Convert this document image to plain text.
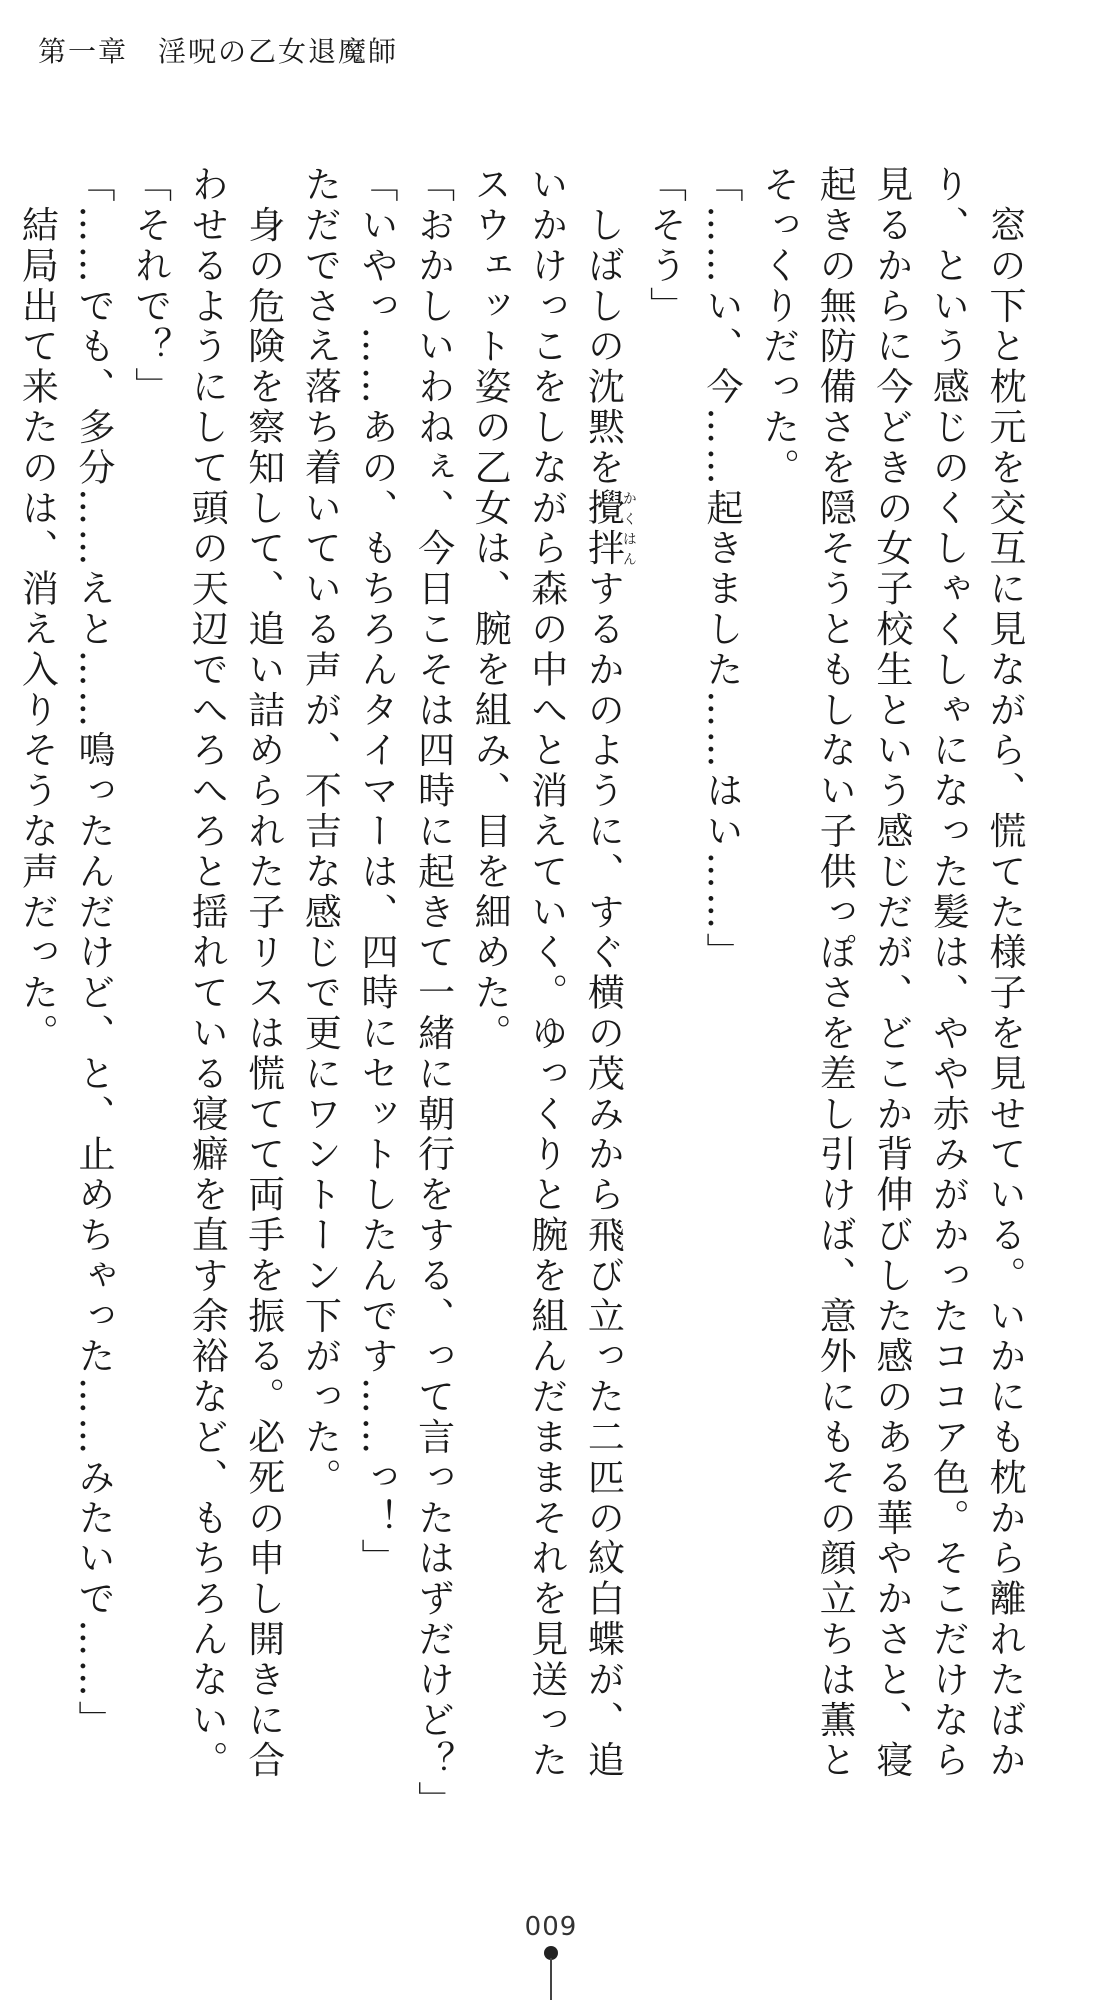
第一章　 淫呪の乙女退魔師
　窓の下と枕元を交互に見ながら、慌てた様子を見せている。いかにも枕から離れたばか
り、という感じのくしゃくしゃになった髪は、やや赤みがかったココア色。そこだけなら
見るからに今どきの女子校生という感じだが、どこか背伸びした感のある華やかさと、寝
起きの無防備さを隠そうともしない子供っぽさを差し引けば、意外にもその顔立ちは薫と
そっくりだった。
「……い、今……起きました……はい……」
「そう」
　しばしの沈黙を攪拌かくはんするかのように、すぐ横の茂みから飛び立った二匹の紋白蝶が、追
いかけっこをしながら森の中へと消えていく。ゆっくりと腕を組んだままそれを見送った
スウェット姿の乙女は、腕を組み、目を細めた。
「おかしいわねぇ、今日こそは四時に起きて一緒に朝行をする、って言ったはずだけど？」
「いやっ……あの、もちろんタイマーは、四時にセットしたんです……っ！」
ただでさえ落ち着いている声が、不吉な感じで更にワントーン下がった。
　身の危険を察知して、追い詰められた子リスは慌てて両手を振る。必死の申し開きに合
わせるようにして頭の天辺でへろへろと揺れている寝癖を直す余裕など、もちろんない。
「それで？」
「……でも、多分……えと……鳴ったんだけど、と、止めちゃった……みたいで……」
　結局出て来たのは、消え入りそうな声だった。
009
